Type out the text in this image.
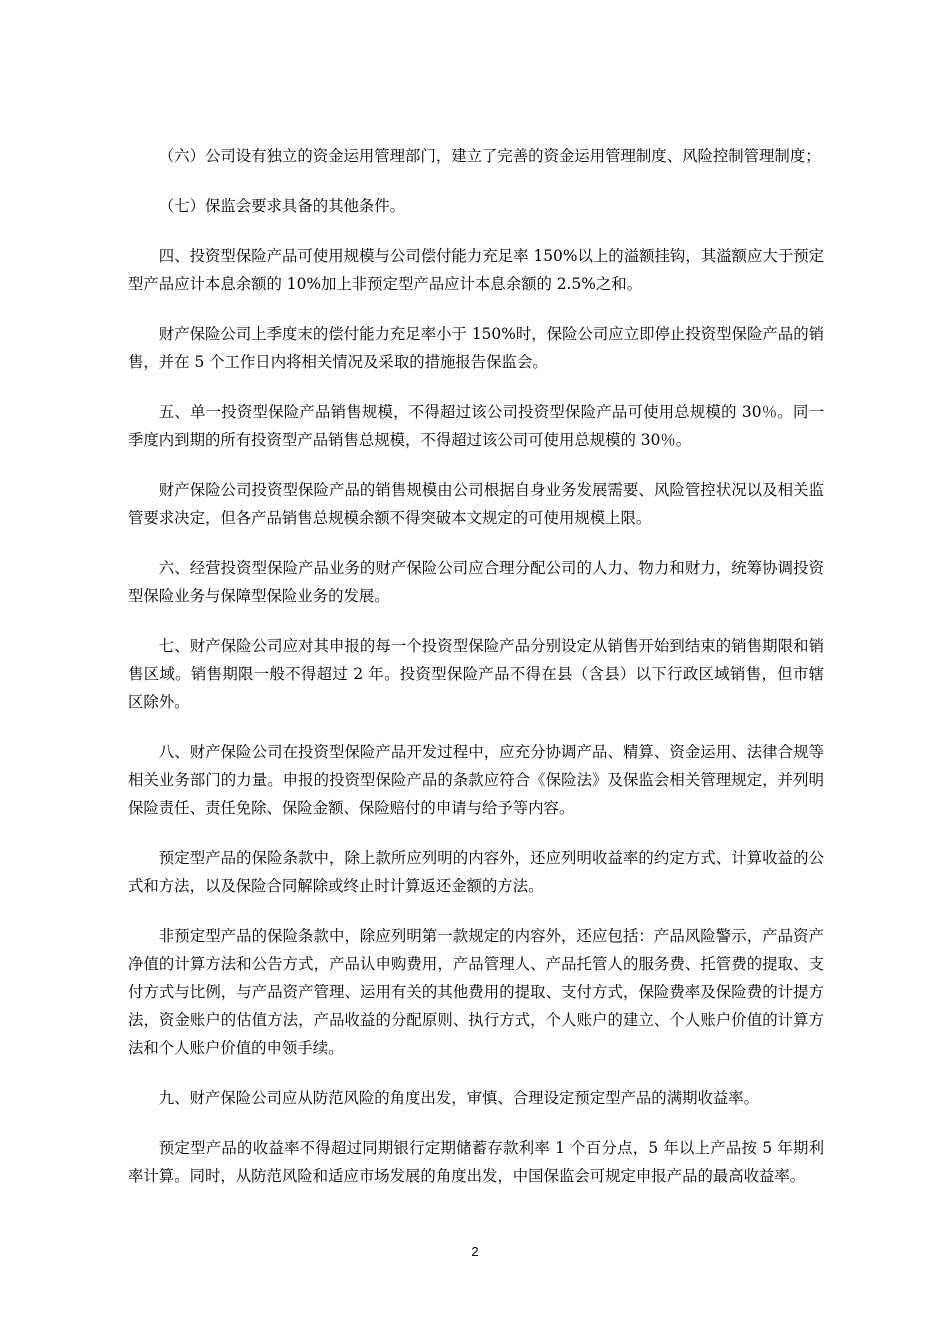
（六）公司设有独立的资金运用管理部门，建立了完善的资金运用管理制度、风险控制管理制度；

（七）保监会要求具备的其他条件。

四、投资型保险产品可使用规模与公司偿付能力充足率 150%以上的溢额挂钩，其溢额应大于预定型产品应计本息余额的 10%加上非预定型产品应计本息余额的 2.5%之和。

财产保险公司上季度末的偿付能力充足率小于 150%时，保险公司应立即停止投资型保险产品的销售，并在 5 个工作日内将相关情况及采取的措施报告保监会。

五、单一投资型保险产品销售规模，不得超过该公司投资型保险产品可使用总规模的 30％。同一季度内到期的所有投资型产品销售总规模，不得超过该公司可使用总规模的 30％。

财产保险公司投资型保险产品的销售规模由公司根据自身业务发展需要、风险管控状况以及相关监管要求决定，但各产品销售总规模余额不得突破本文规定的可使用规模上限。

六、经营投资型保险产品业务的财产保险公司应合理分配公司的人力、物力和财力，统筹协调投资型保险业务与保障型保险业务的发展。

七、财产保险公司应对其申报的每一个投资型保险产品分别设定从销售开始到结束的销售期限和销售区域。销售期限一般不得超过 2 年。投资型保险产品不得在县（含县）以下行政区域销售，但市辖区除外。

八、财产保险公司在投资型保险产品开发过程中，应充分协调产品、精算、资金运用、法律合规等相关业务部门的力量。申报的投资型保险产品的条款应符合《保险法》及保监会相关管理规定，并列明保险责任、责任免除、保险金额、保险赔付的申请与给予等内容。

预定型产品的保险条款中，除上款所应列明的内容外，还应列明收益率的约定方式、计算收益的公式和方法，以及保险合同解除或终止时计算返还金额的方法。

非预定型产品的保险条款中，除应列明第一款规定的内容外，还应包括：产品风险警示，产品资产净值的计算方法和公告方式，产品认申购费用，产品管理人、产品托管人的服务费、托管费的提取、支付方式与比例，与产品资产管理、运用有关的其他费用的提取、支付方式，保险费率及保险费的计提方法，资金账户的估值方法，产品收益的分配原则、执行方式，个人账户的建立、个人账户价值的计算方法和个人账户价值的申领手续。

九、财产保险公司应从防范风险的角度出发，审慎、合理设定预定型产品的满期收益率。

预定型产品的收益率不得超过同期银行定期储蓄存款利率 1 个百分点，5 年以上产品按 5 年期利率计算。同时，从防范风险和适应市场发展的角度出发，中国保监会可规定申报产品的最高收益率。

2
